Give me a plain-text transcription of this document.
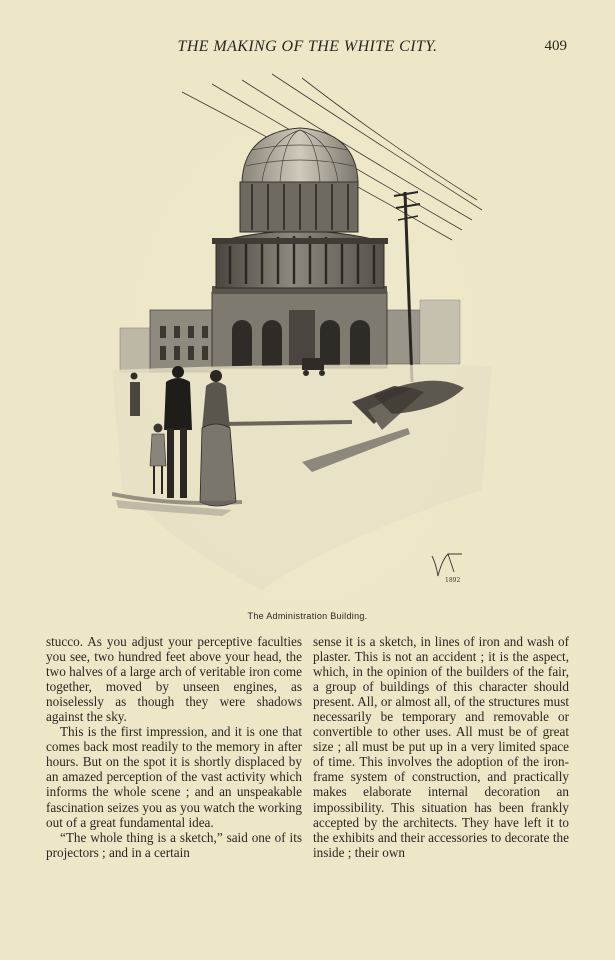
THE MAKING OF THE WHITE CITY.	409
1892
The Administration Building.

stucco. As you adjust your perceptive faculties you see, two hundred feet above your head, the two halves of a large arch of veritable iron come together, moved by unseen engines, as noiselessly as though they were shadows against the sky.

This is the first impression, and it is one that comes back most readily to the memory in after hours. But on the spot it is shortly displaced by an amazed perception of the vast activity which informs the whole scene ; and an unspeakable fascination seizes you as you watch the working out of a great fundamental idea.

“The whole thing is a sketch,” said one of its projectors ; and in a certain

sense it is a sketch, in lines of iron and wash of plaster. This is not an accident ; it is the aspect, which, in the opinion of the builders of the fair, a group of buildings of this character should present. All, or almost all, of the structures must necessarily be temporary and removable or convertible to other uses. All must be of great size ; all must be put up in a very limited space of time. This involves the adoption of the iron-frame system of construction, and practically makes elaborate internal decoration an impossibility. This situation has been frankly accepted by the architects. They have left it to the exhibits and their accessories to decorate the inside ; their own
